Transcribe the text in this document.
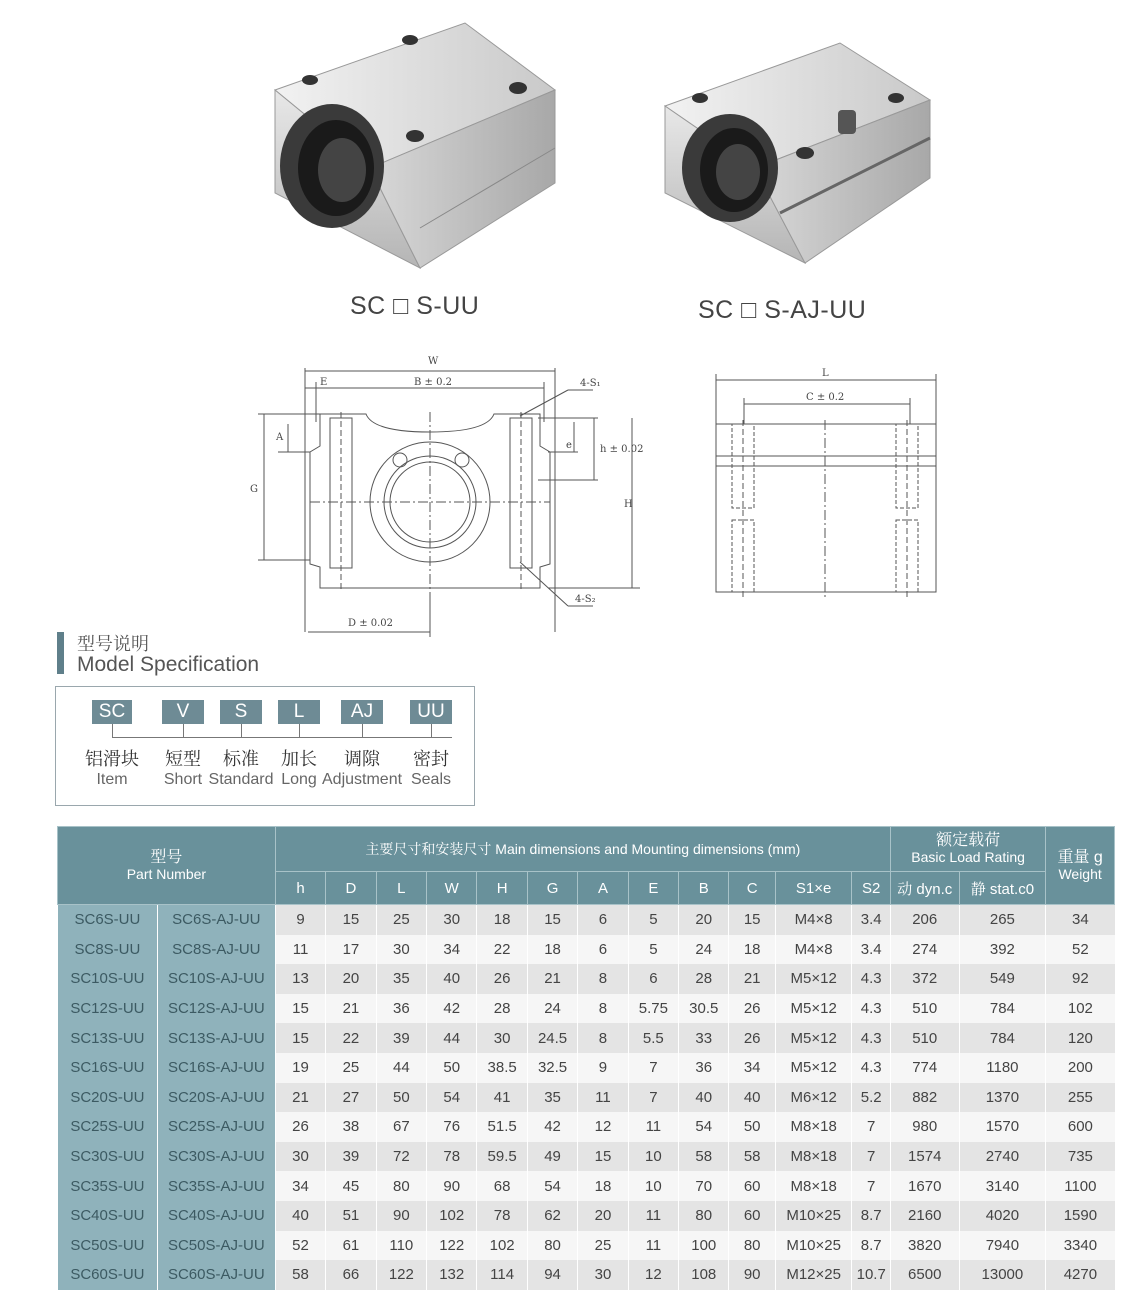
SC □ S-UU	SC □ S-AJ-UU
W
E	B ± 0.2	4-S₁
A
e	h ± 0.02
H
G
D ± 0.02
4-S₂
L
C ± 0.2
型号说明
Model Specification
SC
铝滑块
Item
V
短型
Short
S
标准
Standard
L
加长
Long
AJ
调隙
Adjustment
UU
密封
Seals
型号
Part Number		主要尺寸和安装尺寸 Main dimensions and Mounting dimensions (mm)												额定载荷
Basic Load Rating		重量 g
Weight

		h	D	L	W	H	G	A	E	B	C	S1×e	S2	动 dyn.c	静 stat.c0	
SC6S-UU	SC6S-AJ-UU	9	15	25	30	18	15	6	5	20	15	M4×8	3.4	206	265	34
SC8S-UU	SC8S-AJ-UU	11	17	30	34	22	18	6	5	24	18	M4×8	3.4	274	392	52
SC10S-UU	SC10S-AJ-UU	13	20	35	40	26	21	8	6	28	21	M5×12	4.3	372	549	92
SC12S-UU	SC12S-AJ-UU	15	21	36	42	28	24	8	5.75	30.5	26	M5×12	4.3	510	784	102
SC13S-UU	SC13S-AJ-UU	15	22	39	44	30	24.5	8	5.5	33	26	M5×12	4.3	510	784	120
SC16S-UU	SC16S-AJ-UU	19	25	44	50	38.5	32.5	9	7	36	34	M5×12	4.3	774	1180	200
SC20S-UU	SC20S-AJ-UU	21	27	50	54	41	35	11	7	40	40	M6×12	5.2	882	1370	255
SC25S-UU	SC25S-AJ-UU	26	38	67	76	51.5	42	12	11	54	50	M8×18	7	980	1570	600
SC30S-UU	SC30S-AJ-UU	30	39	72	78	59.5	49	15	10	58	58	M8×18	7	1574	2740	735
SC35S-UU	SC35S-AJ-UU	34	45	80	90	68	54	18	10	70	60	M8×18	7	1670	3140	1100
SC40S-UU	SC40S-AJ-UU	40	51	90	102	78	62	20	11	80	60	M10×25	8.7	2160	4020	1590
SC50S-UU	SC50S-AJ-UU	52	61	110	122	102	80	25	11	100	80	M10×25	8.7	3820	7940	3340
SC60S-UU	SC60S-AJ-UU	58	66	122	132	114	94	30	12	108	90	M12×25	10.7	6500	13000	4270
